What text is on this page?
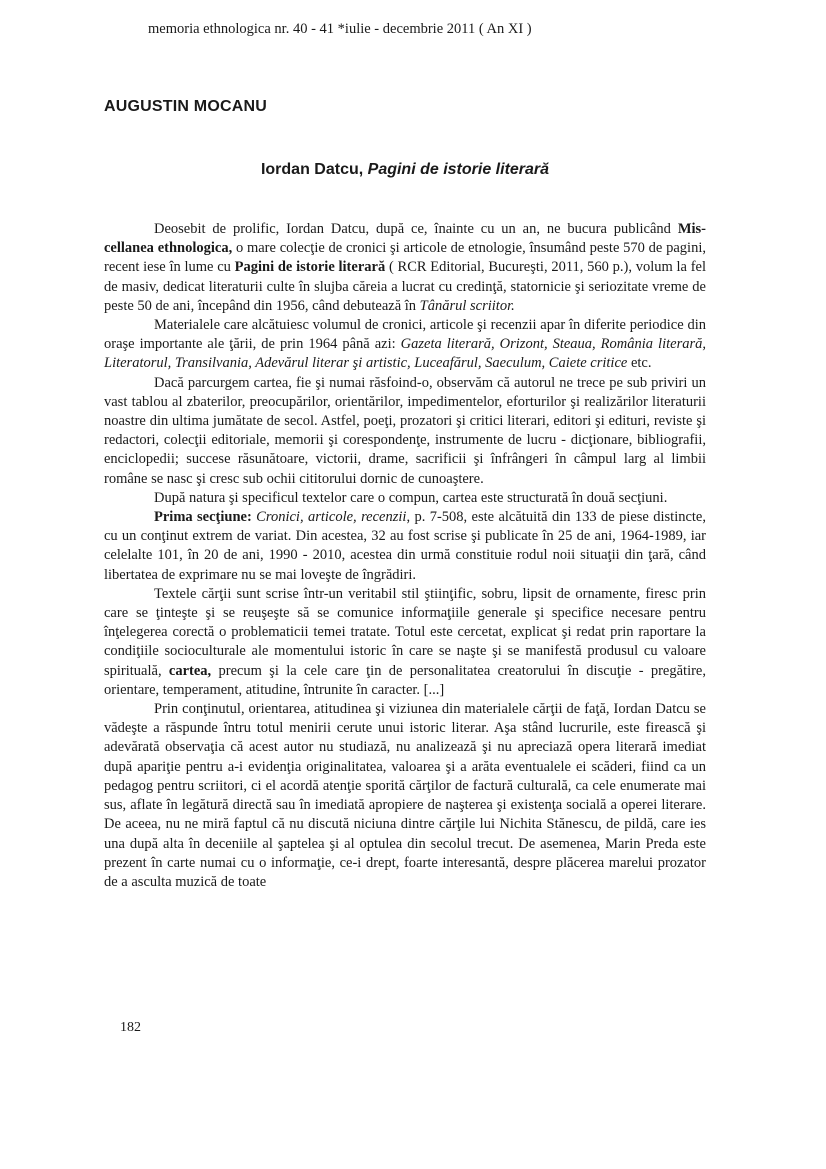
memoria ethnologica nr. 40 - 41 *iulie - decembrie 2011 ( An XI )
AUGUSTIN MOCANU
Iordan Datcu, Pagini de istorie literară

Deosebit de prolific, Iordan Datcu, după ce, înainte cu un an, ne bucura publicând Mis-cellanea ethnologica, o mare colecţie de cronici şi articole de etnologie, însumând peste 570 de pagini, recent iese în lume cu Pagini de istorie literară ( RCR Editorial, Bucureşti, 2011, 560 p.), volum la fel de masiv, dedicat literaturii culte în slujba căreia a lucrat cu credinţă, statornicie şi seriozitate vreme de peste 50 de ani, începând din 1956, când debutează în Tânărul scriitor.

Materialele care alcătuiesc volumul de cronici, articole şi recenzii apar în diferite periodice din oraşe importante ale ţării, de prin 1964 până azi: Gazeta literară, Orizont, Steaua, România literară, Literatorul, Transilvania, Adevărul literar şi artistic, Luceafărul, Saeculum, Caiete critice etc.

Dacă parcurgem cartea, fie şi numai răsfoind-o, observăm că autorul ne trece pe sub priviri un vast tablou al zbaterilor, preocupărilor, orientărilor, impedimentelor, eforturilor şi realizărilor literaturii noastre din ultima jumătate de secol. Astfel, poeţi, prozatori şi critici literari, editori şi edituri, reviste şi redactori, colecţii editoriale, memorii şi corespondenţe, instrumente de lucru - dicţionare, bibliografii, enciclopedii; succese răsunătoare, victorii, drame, sacrificii şi înfrângeri în câmpul larg al limbii române se nasc şi cresc sub ochii cititorului dornic de cunoaştere.

După natura şi specificul textelor care o compun, cartea este structurată în două secţiuni.

Prima secţiune: Cronici, articole, recenzii, p. 7-508, este alcătuită din 133 de piese distincte, cu un conţinut extrem de variat. Din acestea, 32 au fost scrise şi publicate în 25 de ani, 1964-1989, iar celelalte 101, în 20 de ani, 1990 - 2010, acestea din urmă constituie rodul noii situaţii din ţară, când libertatea de exprimare nu se mai loveşte de îngrădiri.

Textele cărţii sunt scrise într-un veritabil stil ştiinţific, sobru, lipsit de ornamente, firesc prin care se ţinteşte şi se reuşeşte să se comunice informaţiile generale şi specifice necesare pentru înţelegerea corectă o problematicii temei tratate. Totul este cercetat, explicat şi redat prin raportare la condiţiile socioculturale ale momentului istoric în care se naşte şi se manifestă produsul cu valoare spirituală, cartea, precum şi la cele care ţin de personalitatea creatorului în discuţie - pregătire, orientare, temperament, atitudine, întrunite în caracter. [...]

Prin conţinutul, orientarea, atitudinea şi viziunea din materialele cărţii de faţă, Iordan Datcu se vădeşte a răspunde întru totul menirii cerute unui istoric literar. Aşa stând lucrurile, este firească şi adevărată observaţia că acest autor nu studiază, nu analizează şi nu apreciază opera literară imediat după apariţie pentru a-i evidenţia originalitatea, valoarea şi a arăta eventualele ei scăderi, fiind ca un pedagog pentru scriitori, ci el acordă atenţie sporită cărţilor de factură culturală, ca cele enumerate mai sus, aflate în legătură directă sau în imediată apropiere de naşterea şi existenţa socială a operei literare. De aceea, nu ne miră faptul că nu discută niciuna dintre cărţile lui Nichita Stănescu, de pildă, care ies una după alta în deceniile al şaptelea şi al optulea din secolul trecut. De asemenea, Marin Preda este prezent în carte numai cu o informaţie, ce-i drept, foarte interesantă, despre plăcerea marelui prozator de a asculta muzică de toate

182
